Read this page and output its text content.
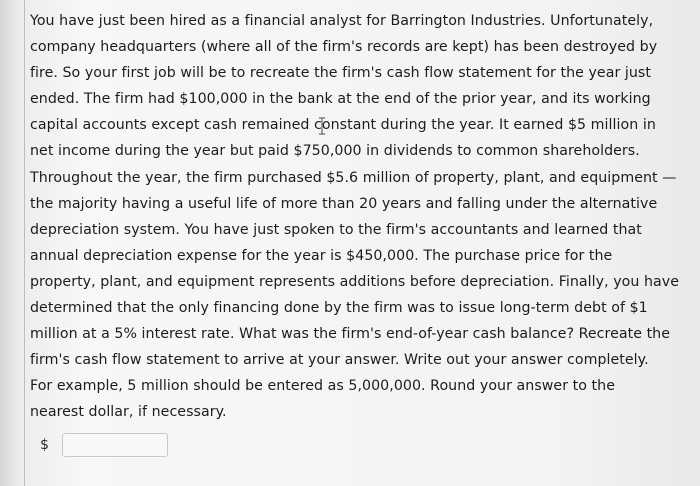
You have just been hired as a financial analyst for Barrington Industries. Unfortunately,
company headquarters (where all of the firm's records are kept) has been destroyed by
fire. So your first job will be to recreate the firm's cash flow statement for the year just
ended. The firm had $100,000 in the bank at the end of the prior year, and its working
capital accounts except cash remained constant during the year. It earned $5 million in
net income during the year but paid $750,000 in dividends to common shareholders.
Throughout the year, the firm purchased $5.6 million of property, plant, and equipment —
the majority having a useful life of more than 20 years and falling under the alternative
depreciation system. You have just spoken to the firm's accountants and learned that
annual depreciation expense for the year is $450,000. The purchase price for the
property, plant, and equipment represents additions before depreciation. Finally, you have
determined that the only financing done by the firm was to issue long-term debt of $1
million at a 5% interest rate. What was the firm's end-of-year cash balance? Recreate the
firm's cash flow statement to arrive at your answer. Write out your answer completely.
For example, 5 million should be entered as 5,000,000. Round your answer to the
nearest dollar, if necessary.
$
